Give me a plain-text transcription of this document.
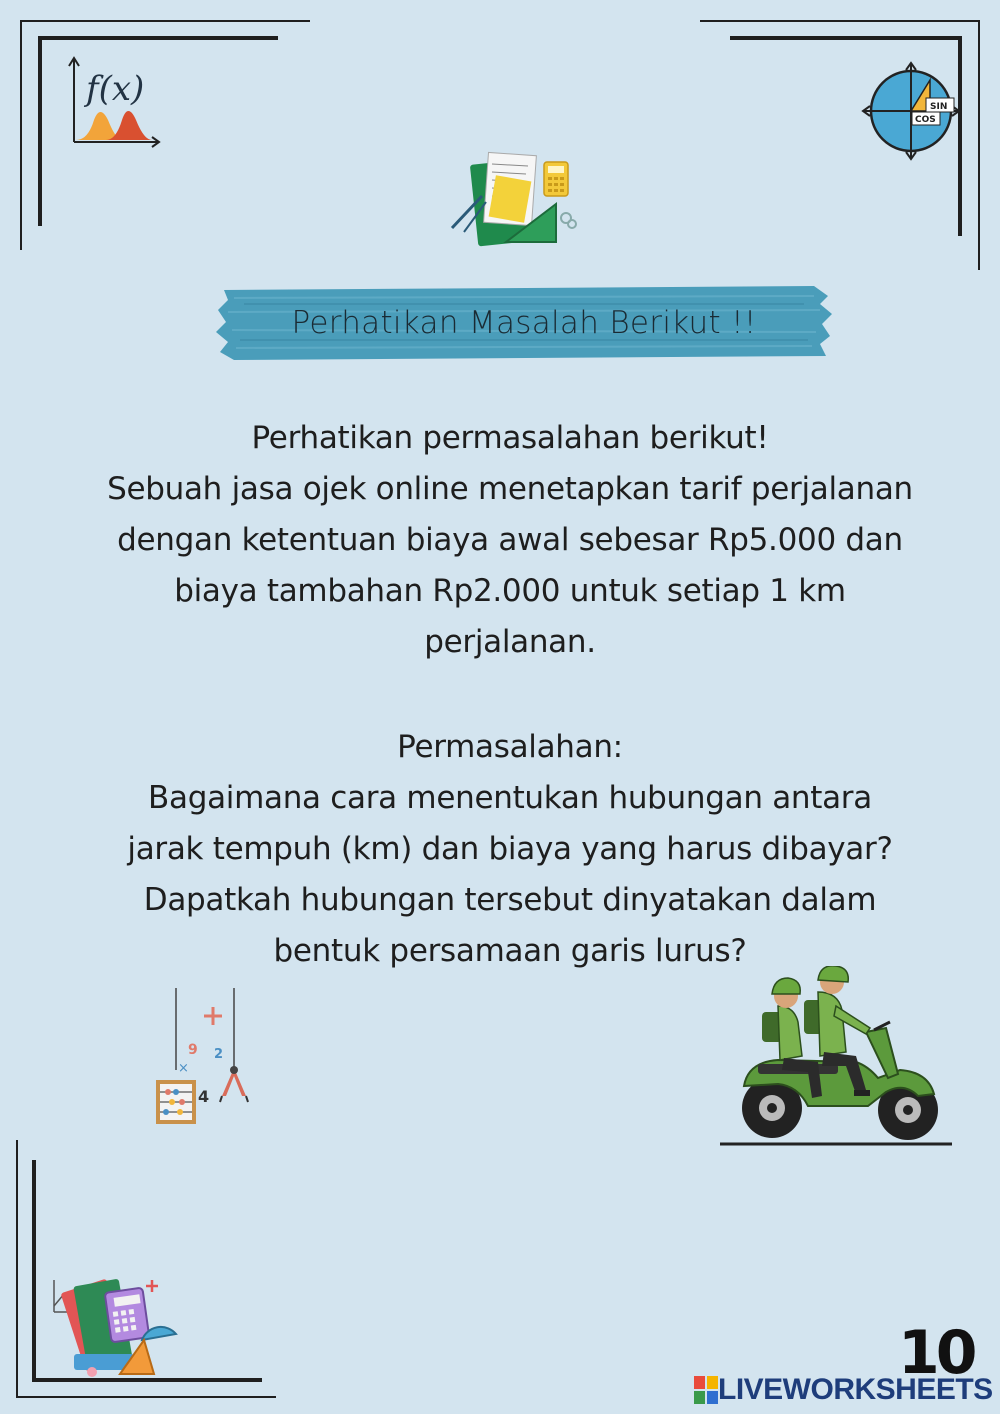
f(x)	SIN
COS
Perhatikan Masalah Berikut !!

Perhatikan permasalahan berikut!

Sebuah jasa ojek online menetapkan tarif perjalanan

dengan ketentuan biaya awal sebesar Rp5.000 dan

biaya tambahan Rp2.000 untuk setiap 1 km

perjalanan.

Permasalahan:

Bagaimana cara menentukan hubungan antara

jarak tempuh (km) dan biaya yang harus dibayar?

Dapatkah hubungan tersebut dinyatakan dalam

bentuk persamaan garis lurus?

9 2
×
4
10
LIVEWORKSHEETS
